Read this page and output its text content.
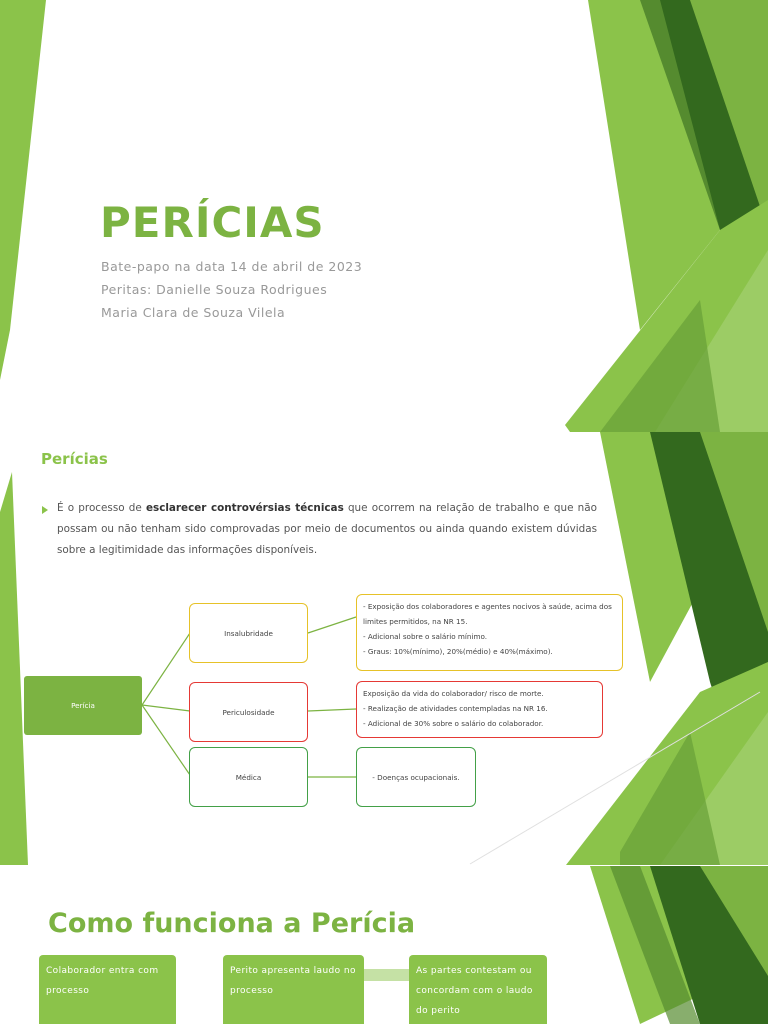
PERÍCIAS

Bate-papo na data 14 de abril de 2023

Peritas: Danielle Souza Rodrigues

Maria Clara de Souza Vilela

Perícias

É o processo de esclarecer controvérsias técnicas que ocorrem na relação de trabalho e que não possam ou não tenham sido comprovadas por meio de documentos ou ainda quando existem dúvidas sobre a legitimidade das informações disponíveis.

Perícia
Insalubridade
Periculosidade
Médica

- Exposição dos colaboradores e agentes nocivos à saúde, acima dos limites permitidos, na NR 15.

- Adicional sobre o salário mínimo.

- Graus: 10%(mínimo), 20%(médio) e 40%(máximo).

Exposição da vida do colaborador/ risco de morte.

- Realização de atividades contempladas na NR 16.

- Adicional de 30% sobre o salário do colaborador.

- Doenças ocupacionais.
Como funciona a Perícia
Colaborador entra com processo
Perito apresenta laudo no processo
As partes contestam ou concordam com o laudo do perito
